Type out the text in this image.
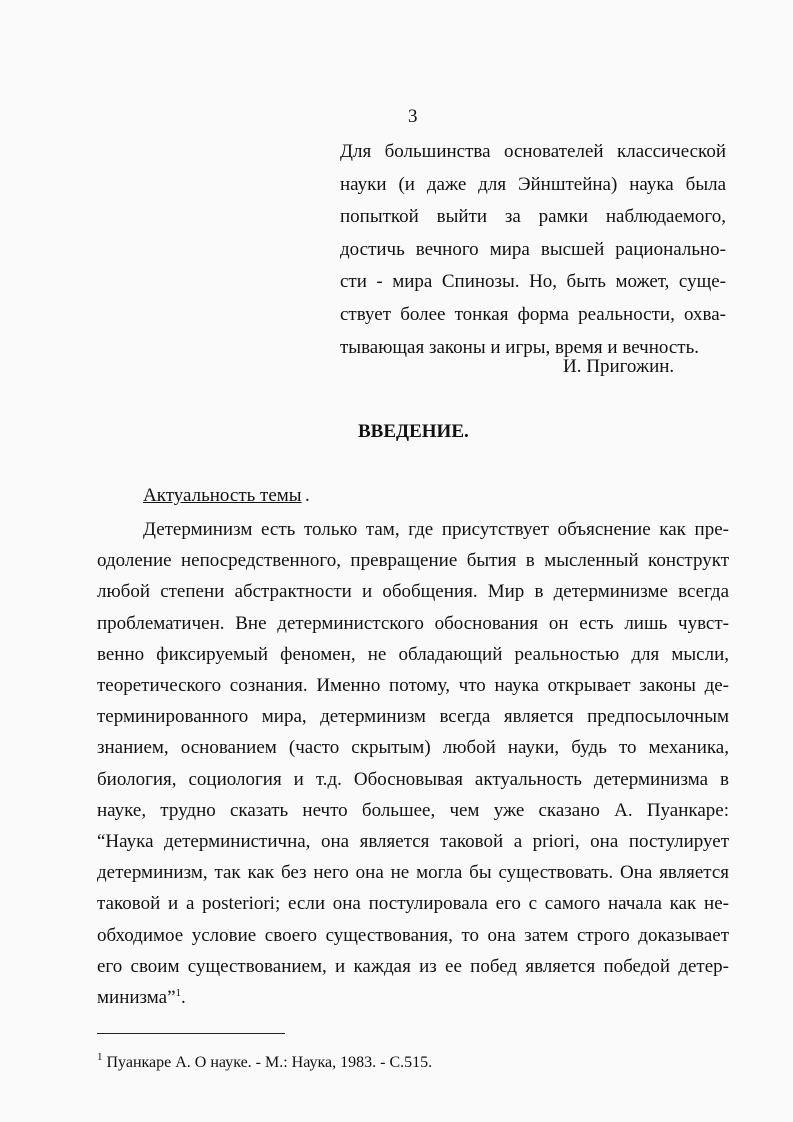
3
Для большинства основателей классической
науки (и даже для Эйнштейна) наука была
попыткой выйти за рамки наблюдаемого,
достичь вечного мира высшей рациональнo-
сти - мира Спинозы. Но, быть может, суще-
ствует более тонкая форма реальности, охва-
тывающая законы и игры, время и вечность.
И. Пригожин.
ВВЕДЕНИЕ.
Актуальность темы .
Детерминизм есть только там, где присутствует объяснение как пре-
одоление непосредственного, превращение бытия в мысленный конструкт
любой степени абстрактности и обобщения. Мир в детерминизме всегда
проблематичен. Вне детерминистского обоснования он есть лишь чувст-
венно фиксируемый феномен, не обладающий реальностью для мысли,
теоретического сознания. Именно потому, что наука открывает законы де-
терминированного мира, детерминизм всегда является предпосылочным
знанием, основанием (часто скрытым) любой науки, будь то механика,
биология, социология и т.д. Обосновывая актуальность детерминизма в
науке, трудно сказать нечто большее, чем уже сказано А. Пуанкаре:
“Наука детерминистична, она является таковой а priori, она постулирует
детерминизм, так как без него она не могла бы существовать. Она является
таковой и а posteriori; если она постулировала его с самого начала как не-
обходимое условие своего существования, то она затем строго доказывает
его своим существованием, и каждая из ее побед является победой детер-
минизма”$^1$.
$^1$ Пуанкаре А. О науке. - М.: Наука, 1983. - С.515.
